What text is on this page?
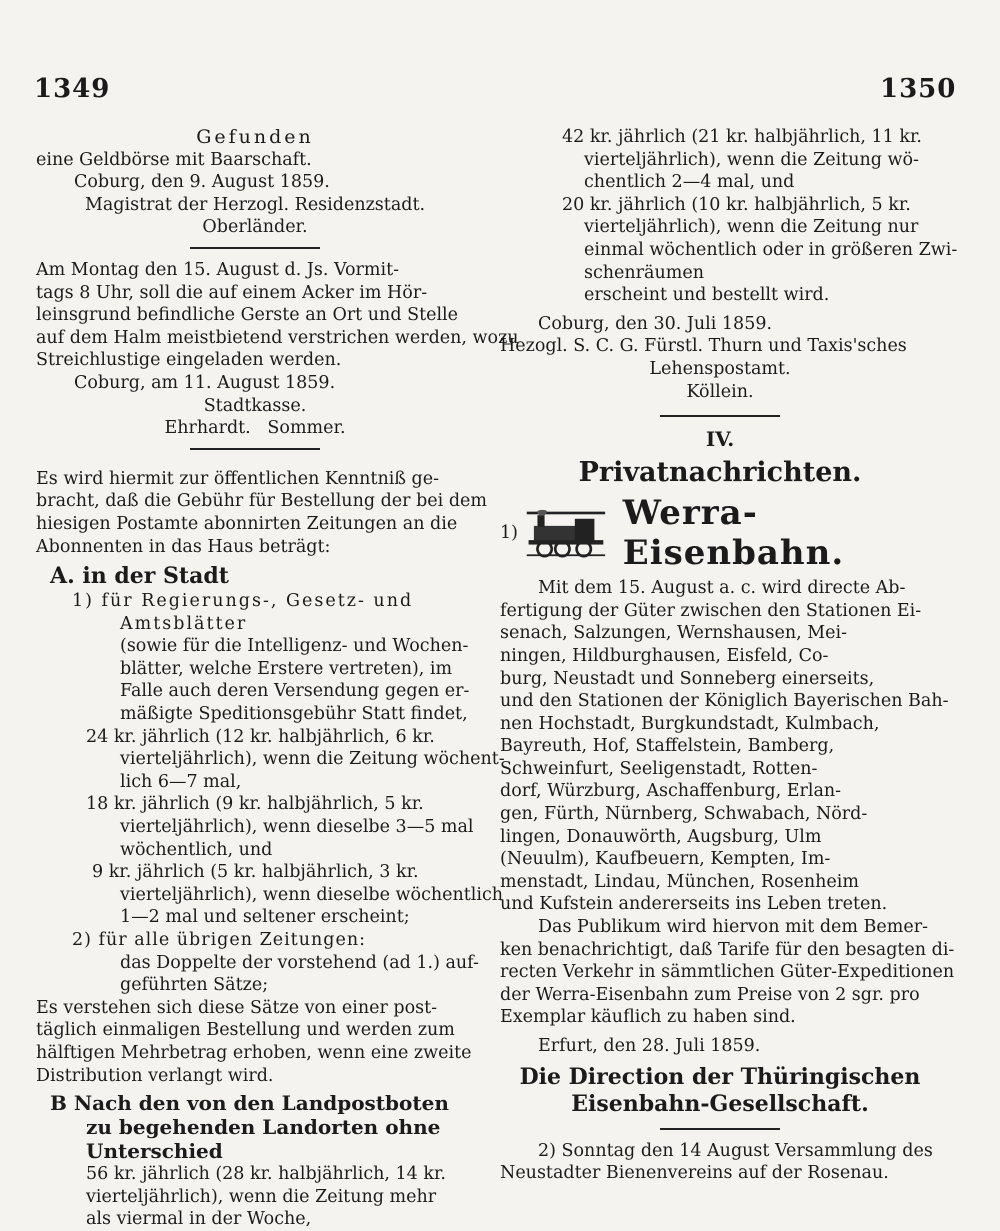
1349	1350
Gefunden
eine Geldbörse mit Baarschaft.
Coburg, den 9. August 1859.
Magistrat der Herzogl. Residenzstadt.
Oberländer.
Am Montag den 15. August d. Js. Vormit-
tags 8 Uhr, soll die auf einem Acker im Hör-
leinsgrund befindliche Gerste an Ort und Stelle
auf dem Halm meistbietend verstrichen werden, wozu
Streichlustige eingeladen werden.
Coburg, am 11. August 1859.
Stadtkasse.
Ehrhardt.   Sommer.
Es wird hiermit zur öffentlichen Kenntniß ge-
bracht, daß die Gebühr für Bestellung der bei dem
hiesigen Postamte abonnirten Zeitungen an die
Abonnenten in das Haus beträgt:
A. in der Stadt
1) für Regierungs-, Gesetz- und
Amtsblätter
(sowie für die Intelligenz- und Wochen-
blätter, welche Erstere vertreten), im
Falle auch deren Versendung gegen er-
mäßigte Speditionsgebühr Statt findet,
24 kr. jährlich (12 kr. halbjährlich, 6 kr.
vierteljährlich), wenn die Zeitung wöchent-
lich 6—7 mal,
18 kr. jährlich (9 kr. halbjährlich, 5 kr.
vierteljährlich), wenn dieselbe 3—5 mal
wöchentlich, und
9 kr. jährlich (5 kr. halbjährlich, 3 kr.
vierteljährlich), wenn dieselbe wöchentlich
1—2 mal und seltener erscheint;
2) für alle übrigen Zeitungen:
das Doppelte der vorstehend (ad 1.) auf-
geführten Sätze;
Es verstehen sich diese Sätze von einer post-
täglich einmaligen Bestellung und werden zum
hälftigen Mehrbetrag erhoben, wenn eine zweite
Distribution verlangt wird.
B Nach den von den Landpostboten
zu begehenden Landorten ohne
Unterschied
56 kr. jährlich (28 kr. halbjährlich, 14 kr.
vierteljährlich), wenn die Zeitung mehr
als viermal in der Woche,
42 kr. jährlich (21 kr. halbjährlich, 11 kr.
vierteljährlich), wenn die Zeitung wö-
chentlich 2—4 mal, und
20 kr. jährlich (10 kr. halbjährlich, 5 kr.
vierteljährlich), wenn die Zeitung nur
einmal wöchentlich oder in größeren Zwi-
schenräumen
erscheint und bestellt wird.
Coburg, den 30. Juli 1859.
Hezogl. S. C. G. Fürstl. Thurn und Taxis'sches
Lehenspostamt.
Köllein.
IV.
Privatnachrichten.
1)	Werra-Eisenbahn.
Mit dem 15. August a. c. wird directe Ab-
fertigung der Güter zwischen den Stationen Ei-
senach, Salzungen, Wernshausen, Mei-
ningen, Hildburghausen, Eisfeld, Co-
burg, Neustadt und Sonneberg einerseits,
und den Stationen der Königlich Bayerischen Bah-
nen Hochstadt, Burgkundstadt, Kulmbach,
Bayreuth, Hof, Staffelstein, Bamberg,
Schweinfurt, Seeligenstadt, Rotten-
dorf, Würzburg, Aschaffenburg, Erlan-
gen, Fürth, Nürnberg, Schwabach, Nörd-
lingen, Donauwörth, Augsburg, Ulm
(Neuulm), Kaufbeuern, Kempten, Im-
menstadt, Lindau, München, Rosenheim
und Kufstein andererseits ins Leben treten.
Das Publikum wird hiervon mit dem Bemer-
ken benachrichtigt, daß Tarife für den besagten di-
recten Verkehr in sämmtlichen Güter-Expeditionen
der Werra-Eisenbahn zum Preise von 2 sgr. pro
Exemplar käuflich zu haben sind.
Erfurt, den 28. Juli 1859.
Die Direction der Thüringischen
Eisenbahn-Gesellschaft.
2) Sonntag den 14 August Versammlung des
Neustadter Bienenvereins auf der Rosenau.
